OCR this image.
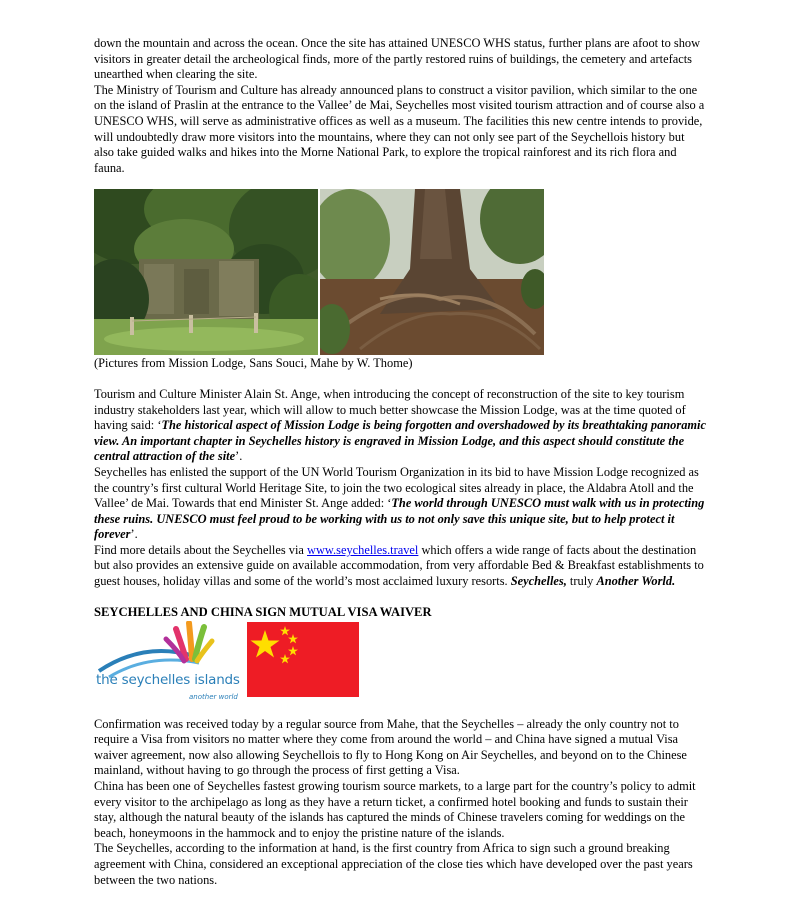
down the mountain and across the ocean. Once the site has attained UNESCO WHS status, further plans are afoot to show visitors in greater detail the archeological finds, more of the partly restored ruins of buildings, the cemetery and artefacts unearthed when clearing the site.

The Ministry of Tourism and Culture has already announced plans to construct a visitor pavilion, which similar to the one on the island of Praslin at the entrance to the Vallee’ de Mai, Seychelles most visited tourism attraction and of course also a UNESCO WHS, will serve as administrative offices as well as a museum. The facilities this new centre intends to provide, will undoubtedly draw more visitors into the mountains, where they can not only see part of the Seychellois history but also take guided walks and hikes into the Morne National Park, to explore the tropical rainforest and its rich flora and fauna.

(Pictures from Mission Lodge, Sans Souci, Mahe by W. Thome)

Tourism and Culture Minister Alain St. Ange, when introducing the concept of reconstruction of the site to key tourism industry stakeholders last year, which will allow to much better showcase the Mission Lodge, was at the time quoted of having said: ‘The historical aspect of Mission Lodge is being forgotten and overshadowed by its breathtaking panoramic view. An important chapter in Seychelles history is engraved in Mission Lodge, and this aspect should constitute the central attraction of the site’.

Seychelles has enlisted the support of the UN World Tourism Organization in its bid to have Mission Lodge recognized as the country’s first cultural World Heritage Site, to join the two ecological sites already in place, the Aldabra Atoll and the Vallee’ de Mai. Towards that end Minister St. Ange added: ‘The world through UNESCO must walk with us in protecting these ruins. UNESCO must feel proud to be working with us to not only save this unique site, but to help protect it forever’.

Find more details about the Seychelles via www.seychelles.travel which offers a wide range of facts about the destination but also provides an extensive guide on available accommodation, from very affordable Bed & Breakfast establishments to guest houses, holiday villas and some of the world’s most acclaimed luxury resorts. Seychelles, truly Another World.

SEYCHELLES AND CHINA SIGN MUTUAL VISA WAIVER
the seychelles islands
another world

Confirmation was received today by a regular source from Mahe, that the Seychelles – already the only country not to require a Visa from visitors no matter where they come from around the world – and China have signed a mutual Visa waiver agreement, now also allowing Seychellois to fly to Hong Kong on Air Seychelles, and beyond on to the Chinese mainland, without having to go through the process of first getting a Visa.

China has been one of Seychelles fastest growing tourism source markets, to a large part for the country’s policy to admit every visitor to the archipelago as long as they have a return ticket, a confirmed hotel booking and funds to sustain their stay, although the natural beauty of the islands has captured the minds of Chinese travelers coming for weddings on the beach, honeymoons in the hammock and to enjoy the pristine nature of the islands.

The Seychelles, according to the information at hand, is the first country from Africa to sign such a ground breaking agreement with China, considered an exceptional appreciation of the close ties which have developed over the past years between the two nations.
